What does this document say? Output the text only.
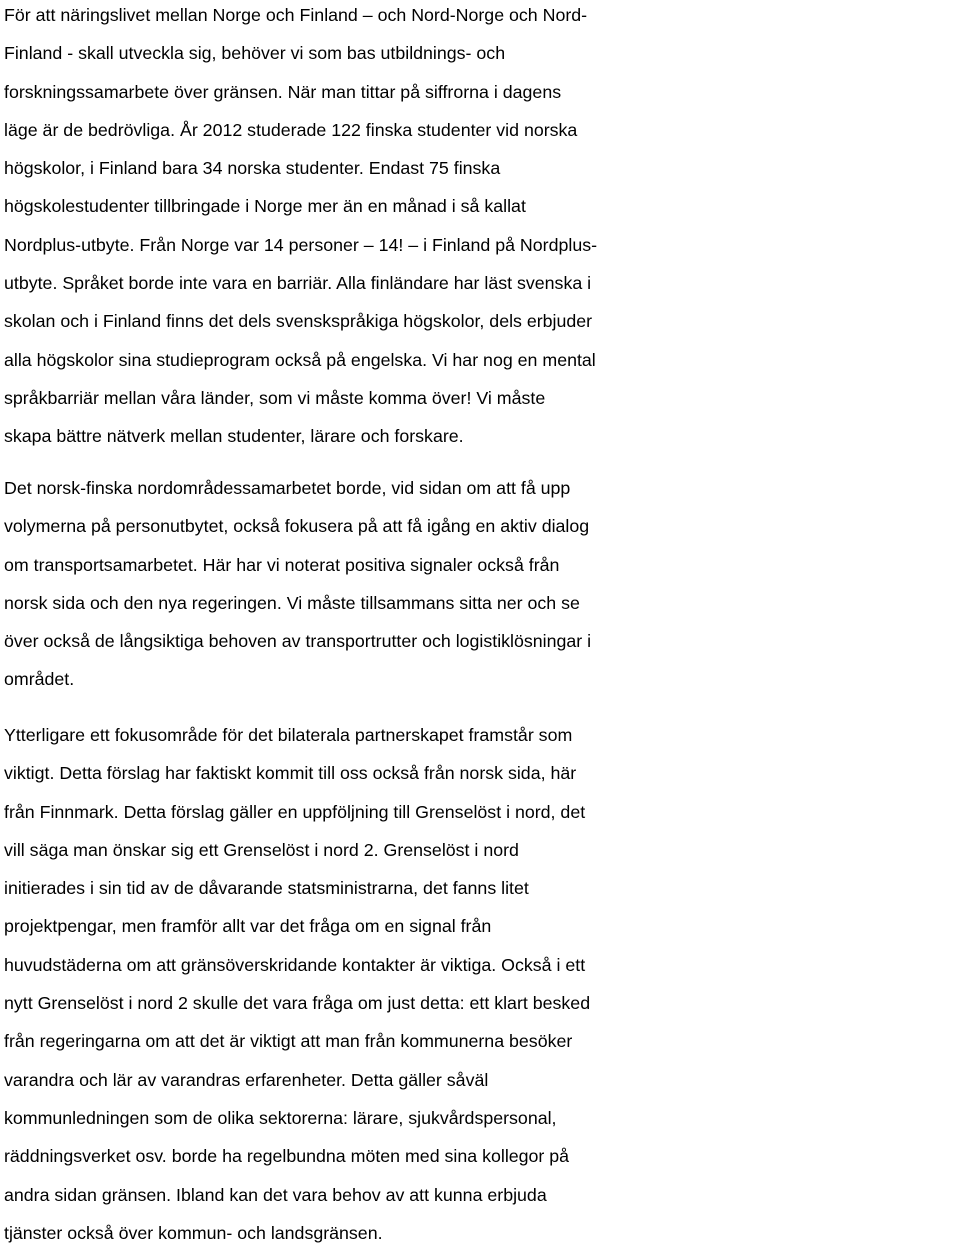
För att näringslivet mellan Norge och Finland – och Nord-Norge och Nord-
Finland - skall utveckla sig, behöver vi som bas utbildnings- och
forskningssamarbete över gränsen. När man tittar på siffrorna i dagens
läge är de bedrövliga. År 2012 studerade 122 finska studenter vid norska
högskolor, i Finland bara 34 norska studenter. Endast 75 finska
högskolestudenter tillbringade i Norge mer än en månad i så kallat
Nordplus-utbyte. Från Norge var 14 personer – 14! – i Finland på Nordplus-
utbyte. Språket borde inte vara en barriär. Alla finländare har läst svenska i
skolan och i Finland finns det dels svenskspråkiga högskolor, dels erbjuder
alla högskolor sina studieprogram också på engelska. Vi har nog en mental
språkbarriär mellan våra länder, som vi måste komma över! Vi måste
skapa bättre nätverk mellan studenter, lärare och forskare.

Det norsk-finska nordområdessamarbetet borde, vid sidan om att få upp
volymerna på personutbytet, också fokusera på att få igång en aktiv dialog
om transportsamarbetet. Här har vi noterat positiva signaler också från
norsk sida och den nya regeringen. Vi måste tillsammans sitta ner och se
över också de långsiktiga behoven av transportrutter och logistiklösningar i
området.

Ytterligare ett fokusområde för det bilaterala partnerskapet framstår som
viktigt. Detta förslag har faktiskt kommit till oss också från norsk sida, här
från Finnmark. Detta förslag gäller en uppföljning till Grenselöst i nord, det
vill säga man önskar sig ett Grenselöst i nord 2. Grenselöst i nord
initierades i sin tid av de dåvarande statsministrarna, det fanns litet
projektpengar, men framför allt var det fråga om en signal från
huvudstäderna om att gränsöverskridande kontakter är viktiga. Också i ett
nytt Grenselöst i nord 2 skulle det vara fråga om just detta: ett klart besked
från regeringarna om att det är viktigt att man från kommunerna besöker
varandra och lär av varandras erfarenheter. Detta gäller såväl
kommunledningen som de olika sektorerna: lärare, sjukvårdspersonal,
räddningsverket osv. borde ha regelbundna möten med sina kollegor på
andra sidan gränsen. Ibland kan det vara behov av att kunna erbjuda
tjänster också över kommun- och landsgränsen.
